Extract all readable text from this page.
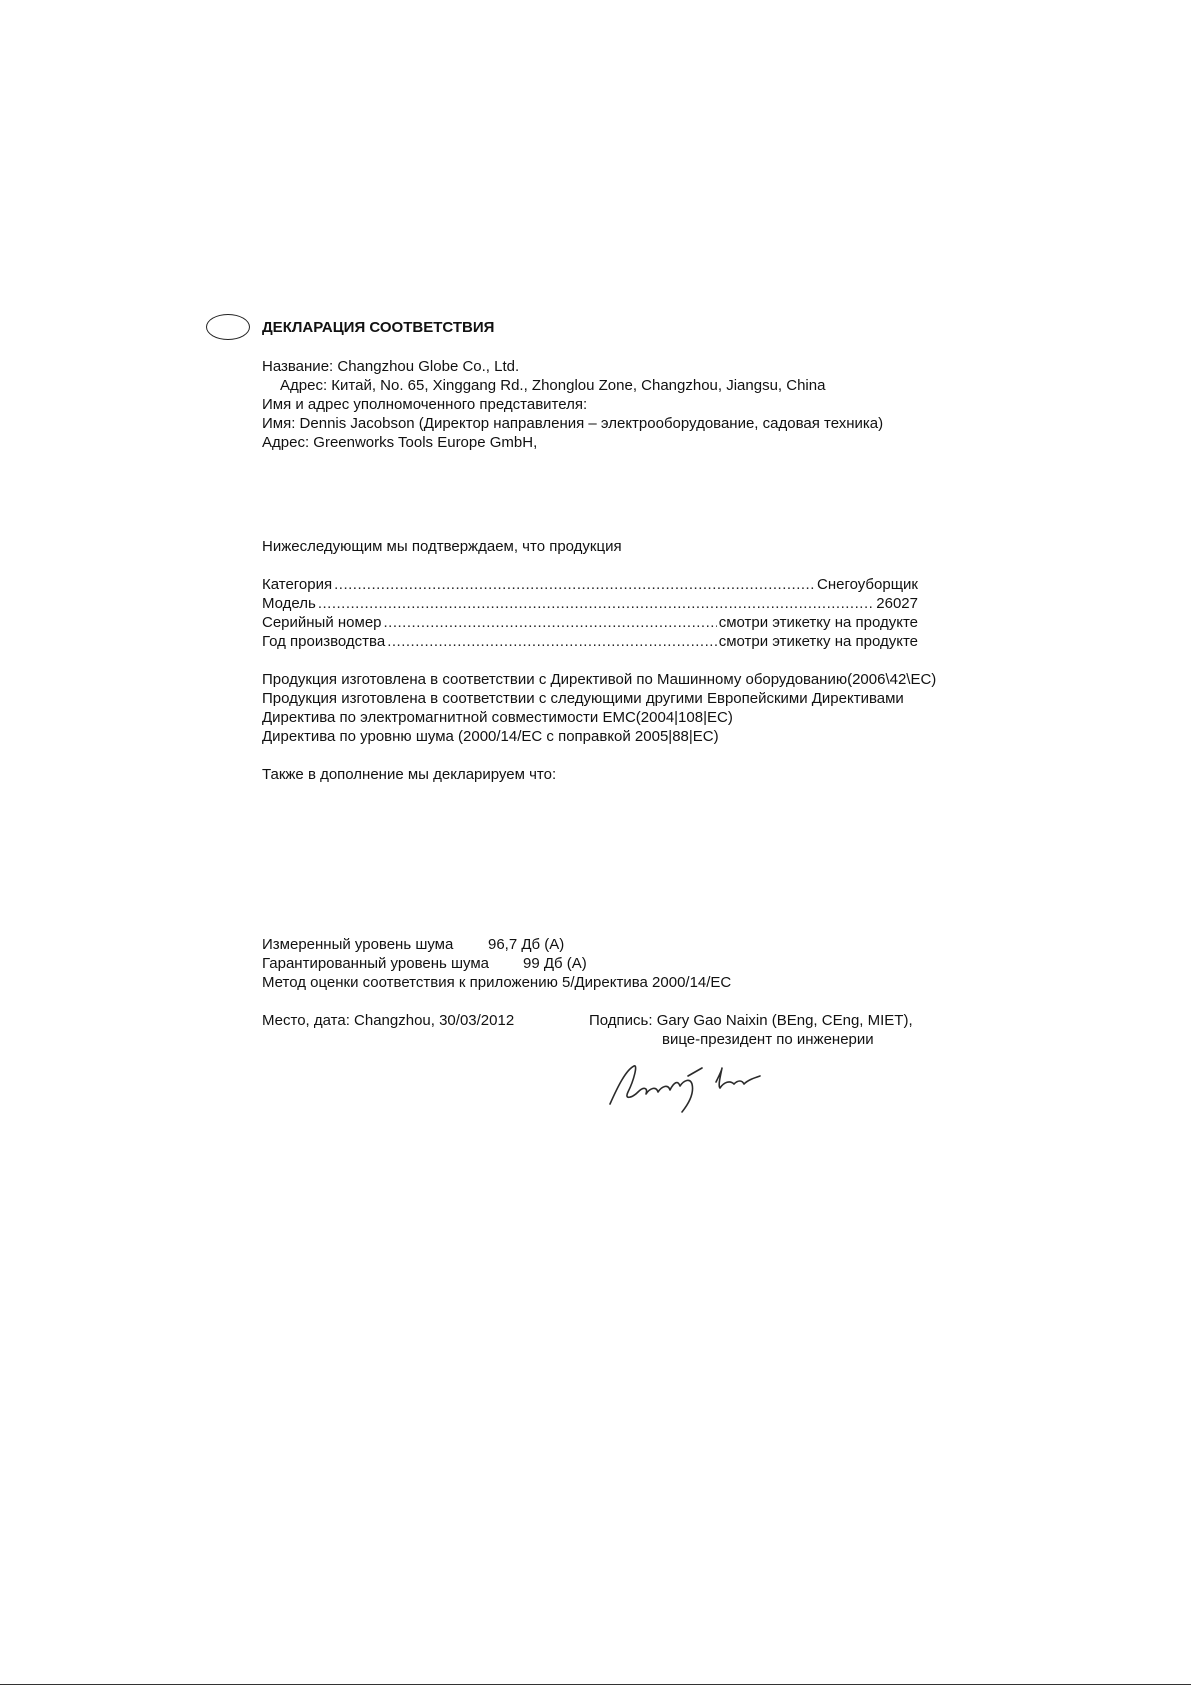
ДЕКЛАРАЦИЯ СООТВЕТСТВИЯ
Название: Changzhou Globe Co., Ltd.
Адрес: Китай, No. 65, Xinggang Rd., Zhonglou Zone, Changzhou, Jiangsu, China
Имя и адрес уполномоченного представителя:
Имя: Dennis Jacobson (Директор направления – электрооборудование, садовая техника)
Адрес: Greenworks Tools Europe GmbH,
Нижеследующим мы подтверждаем, что продукция
Категория .....	Снегоуборщик
Модель .....	26027
Серийный номер .....	смотри этикетку на продукте
Год производства .....	смотри этикетку на продукте
Продукция изготовлена в соответствии с Директивой по Машинному оборудованию(2006\42\EC)
Продукция изготовлена в соответствии с следующими другими Европейскими Директивами
Директива по электромагнитной совместимости EMC(2004|108|EC)
Директива по уровню шума (2000/14/EC с поправкой 2005|88|EC)
Также в дополнение мы декларируем что:
Измеренный уровень шума 96,7 Дб (A)
Гарантированный уровень шума 99 Дб (A)
Метод оценки соответствия к приложению 5/Директива 2000/14/EC
Место, дата: Changzhou, 30/03/2012	Подпись: Gary Gao Naixin (BEng, CEng, MIET),
вице-президент по инженерии
